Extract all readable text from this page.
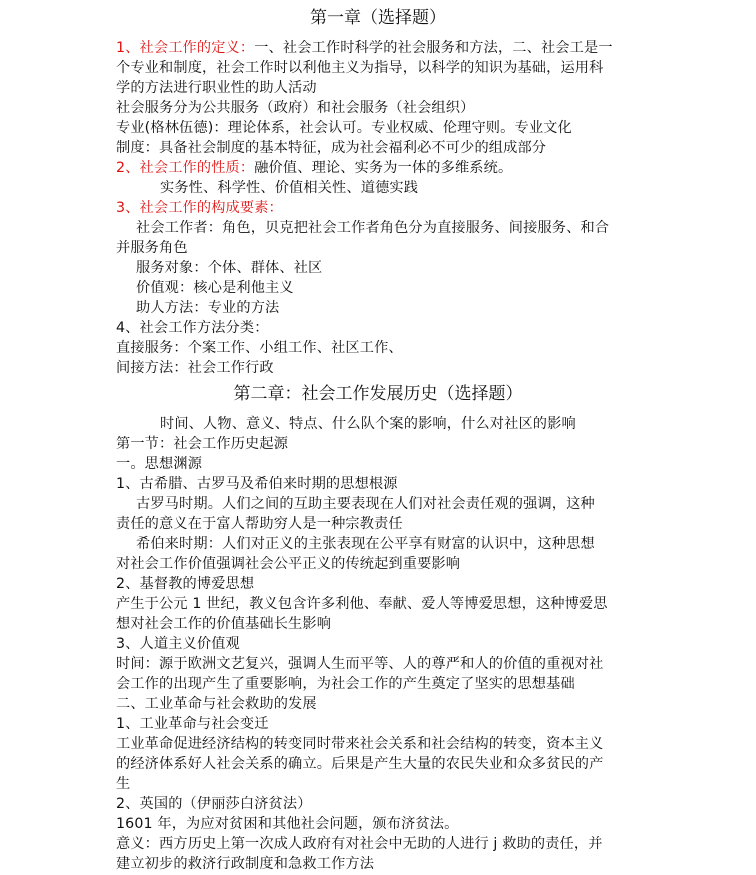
第一章（选择题）
1、社会工作的定义：一、社会工作时科学的社会服务和方法，二、社会工是一
个专业和制度，社会工作时以利他主义为指导，以科学的知识为基础，运用科
学的方法进行职业性的助人活动
社会服务分为公共服务（政府）和社会服务（社会组织）
专业(格林伍德)：理论体系，社会认可。专业权威、伦理守则。专业文化
制度：具备社会制度的基本特征，成为社会福利必不可少的组成部分
2、社会工作的性质：融价值、理论、实务为一体的多维系统。
实务性、科学性、价值相关性、道德实践
3、社会工作的构成要素：
社会工作者：角色，贝克把社会工作者角色分为直接服务、间接服务、和合
并服务角色
服务对象：个体、群体、社区
价值观：核心是利他主义
助人方法：专业的方法
4、社会工作方法分类：
直接服务：个案工作、小组工作、社区工作、
间接方法：社会工作行政
第二章：社会工作发展历史（选择题）
时间、人物、意义、特点、什么队个案的影响，什么对社区的影响
第一节：社会工作历史起源
一。思想渊源
1、古希腊、古罗马及希伯来时期的思想根源
古罗马时期。人们之间的互助主要表现在人们对社会责任观的强调，这种
责任的意义在于富人帮助穷人是一种宗教责任
希伯来时期：人们对正义的主张表现在公平享有财富的认识中，这种思想
对社会工作价值强调社会公平正义的传统起到重要影响
2、基督教的博爱思想
产生于公元 1 世纪，教义包含许多利他、奉献、爱人等博爱思想，这种博爱思
想对社会工作的价值基础长生影响
3、人道主义价值观
时间：源于欧洲文艺复兴，强调人生而平等、人的尊严和人的价值的重视对社
会工作的出现产生了重要影响，为社会工作的产生奠定了坚实的思想基础
二、工业革命与社会救助的发展
1、工业革命与社会变迁
工业革命促进经济结构的转变同时带来社会关系和社会结构的转变，资本主义
的经济体系好人社会关系的确立。后果是产生大量的农民失业和众多贫民的产
生
2、英国的（伊丽莎白济贫法）
1601 年，为应对贫困和其他社会问题，颁布济贫法。
意义：西方历史上第一次成人政府有对社会中无助的人进行 j 救助的责任，并
建立初步的救济行政制度和急救工作方法
